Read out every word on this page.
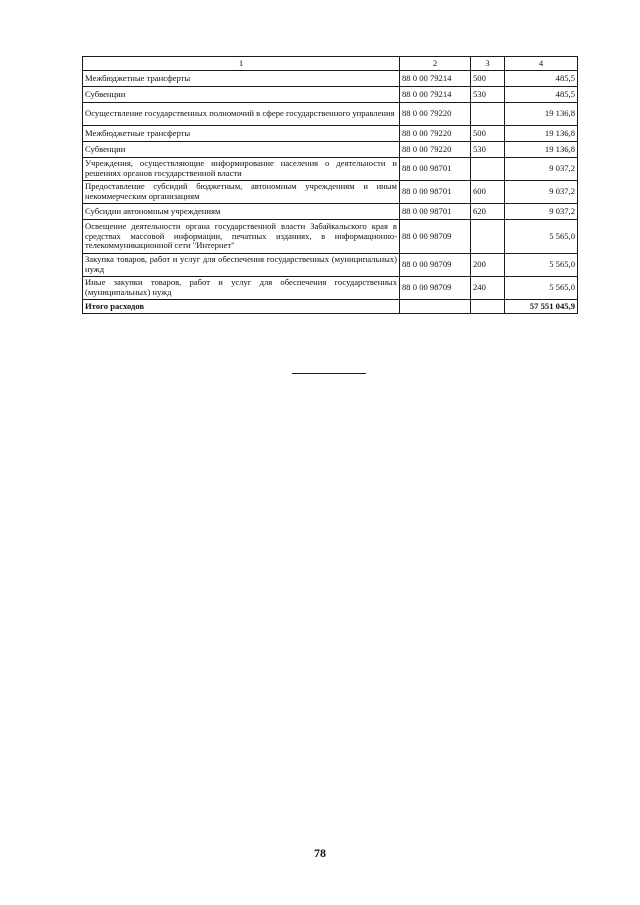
1	2	3	4
Межбюджетные трансферты	88 0 00 79214	500	485,5
Субвенции	88 0 00 79214	530	485,5
Осуществление государственных полномочий в сфере государственного управления	88 0 00 79220		19 136,8
Межбюджетные трансферты	88 0 00 79220	500	19 136,8
Субвенции	88 0 00 79220	530	19 136,8
Учреждения, осуществляющие информирование населения о деятельности и решениях органов государственной власти	88 0 00 98701		9 037,2
Предоставление субсидий бюджетным, автономным учреждениям и иным некоммерческим организациям	88 0 00 98701	600	9 037,2
Субсидии автономным учреждениям	88 0 00 98701	620	9 037,2
Освещение деятельности органа государственной власти Забайкальского края в средствах массовой информации, печатных изданиях, в информационно-телекоммуникационной сети "Интернет"	88 0 00 98709		5 565,0
Закупка товаров, работ и услуг для обеспечения государственных (муниципальных) нужд	88 0 00 98709	200	5 565,0
Иные закупки товаров, работ и услуг для обеспечения государственных (муниципальных) нужд	88 0 00 98709	240	5 565,0
Итого расходов			57 551 045,9
78
